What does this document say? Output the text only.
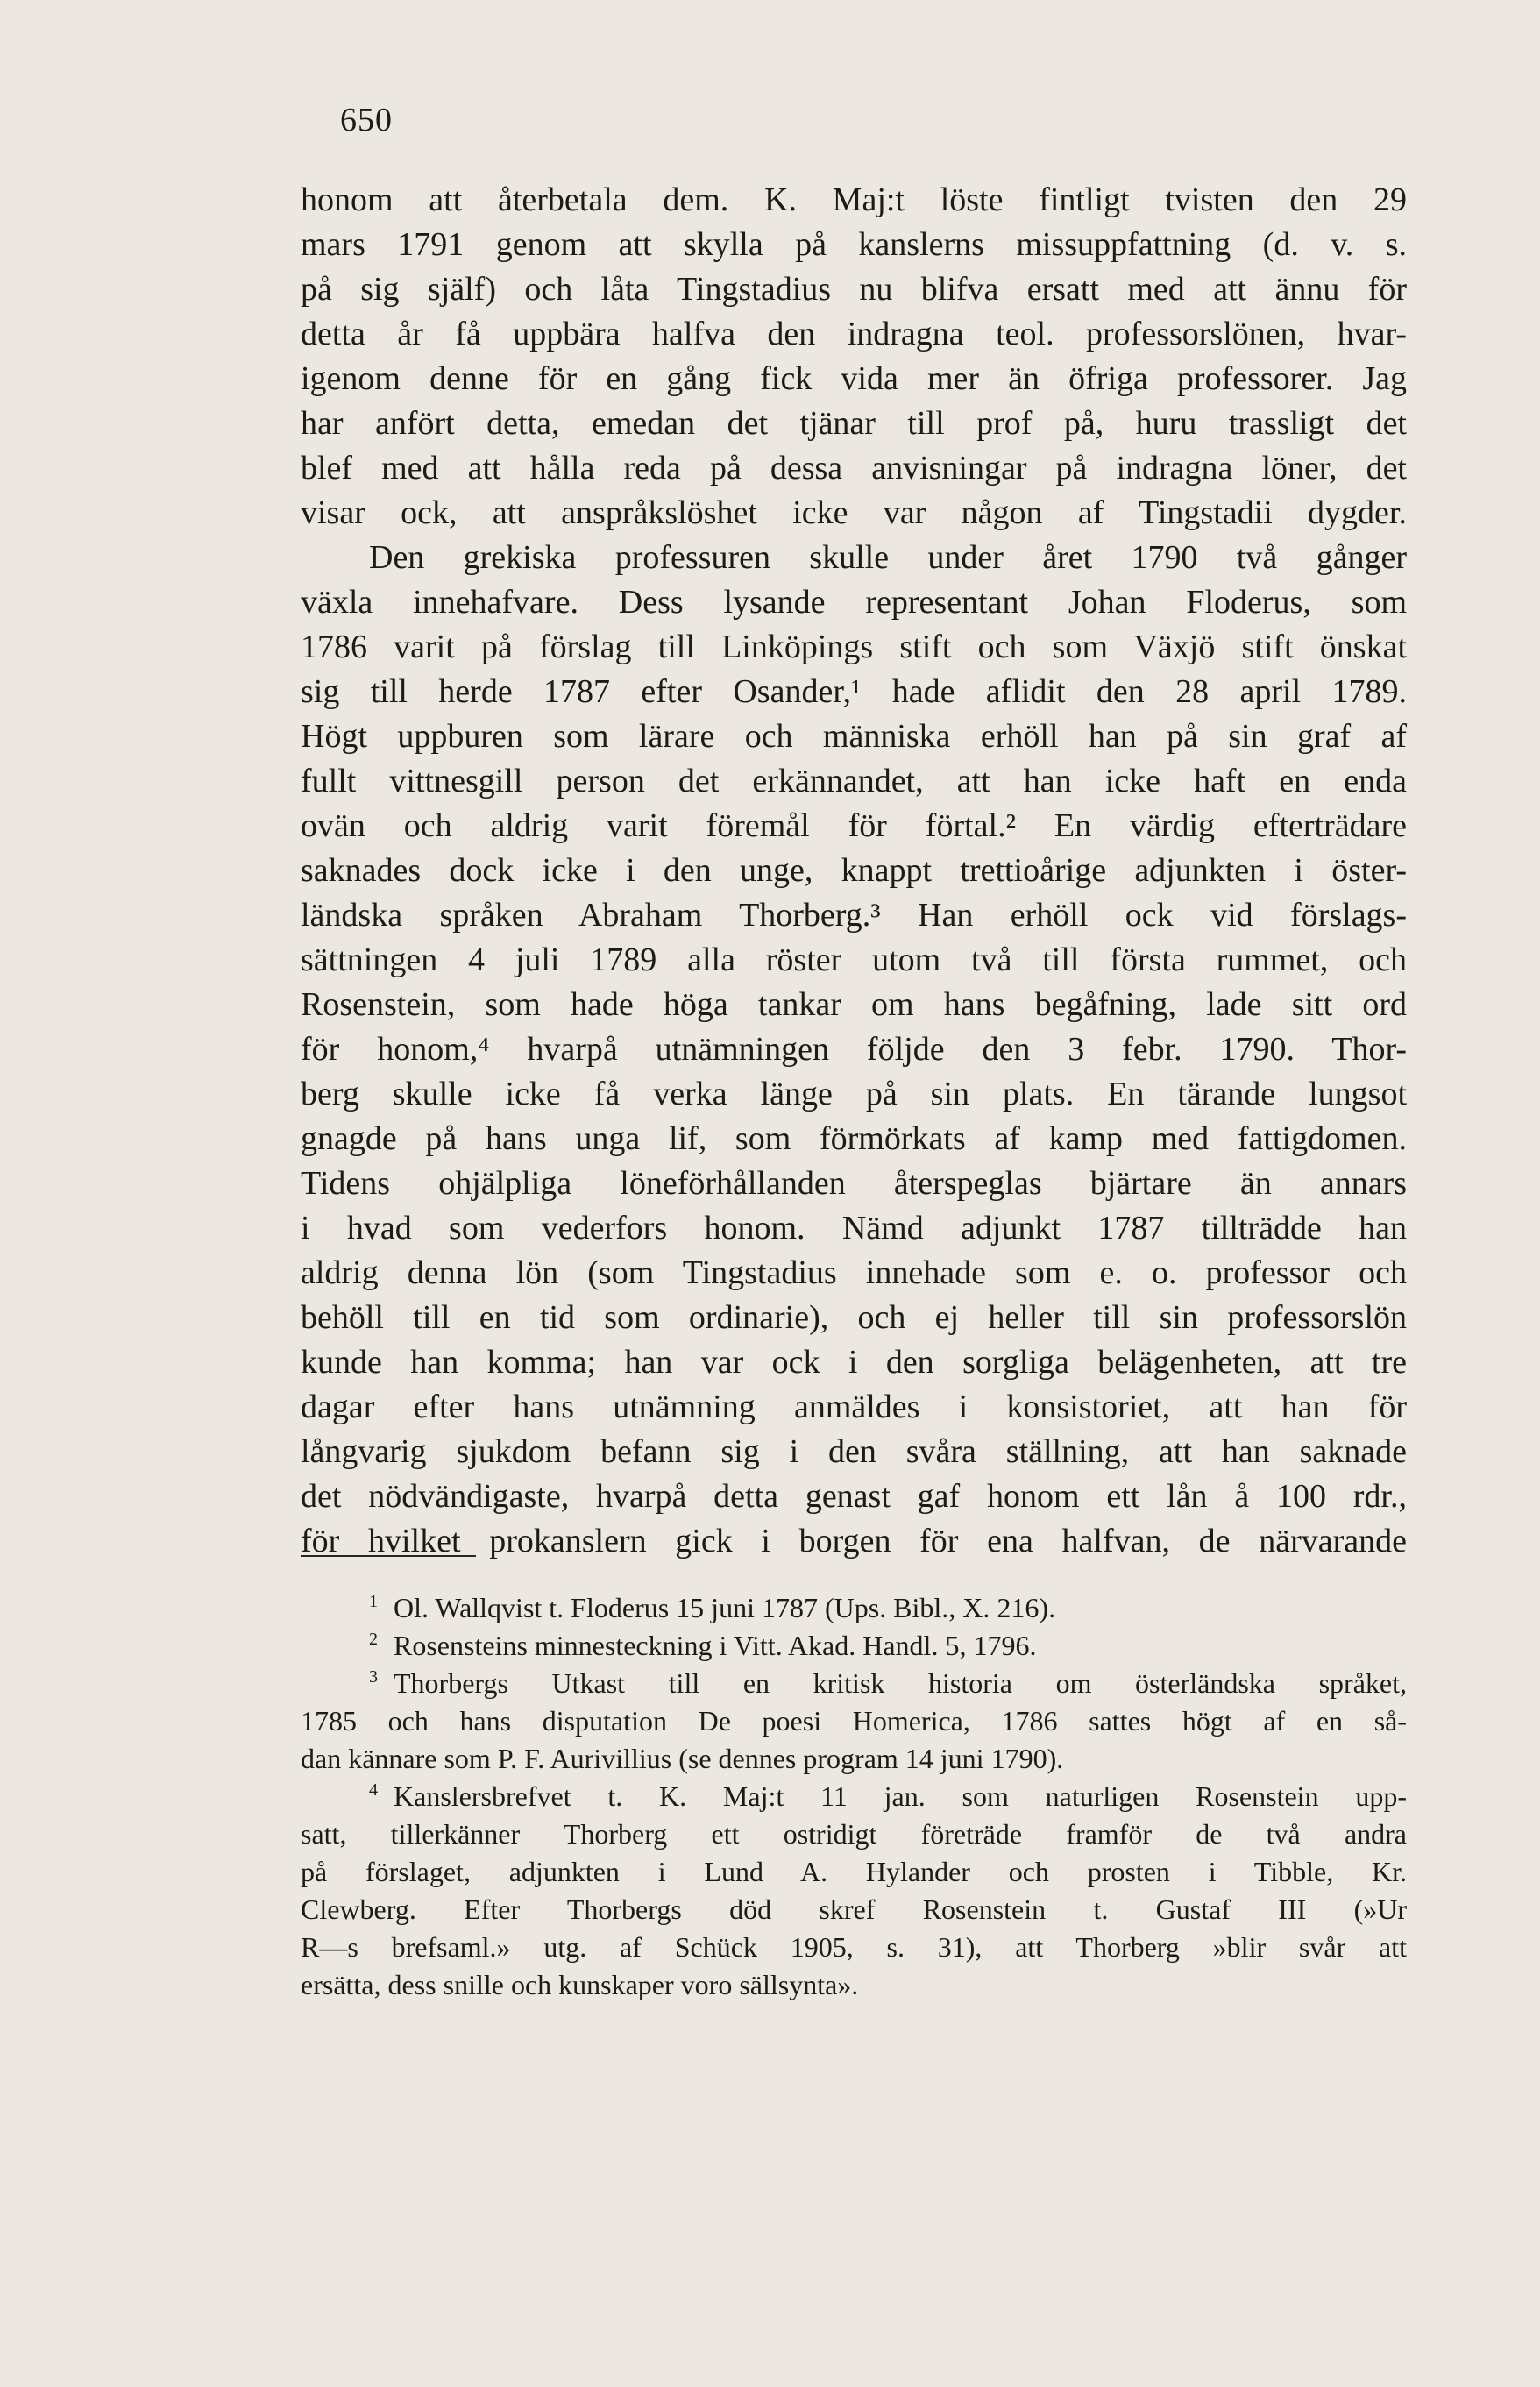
650
honom att återbetala dem. K. Maj:t löste fintligt tvisten den 29
mars 1791 genom att skylla på kanslerns missuppfattning (d. v. s.
på sig själf) och låta Tingstadius nu blifva ersatt med att ännu för
detta år få uppbära halfva den indragna teol. professorslönen, hvar-
igenom denne för en gång fick vida mer än öfriga professorer. Jag
har anfört detta, emedan det tjänar till prof på, huru trassligt det
blef med att hålla reda på dessa anvisningar på indragna löner, det
visar ock, att anspråkslöshet icke var någon af Tingstadii dygder.
Den grekiska professuren skulle under året 1790 två gånger
växla innehafvare. Dess lysande representant Johan Floderus, som
1786 varit på förslag till Linköpings stift och som Växjö stift önskat
sig till herde 1787 efter Osander,¹ hade aflidit den 28 april 1789.
Högt uppburen som lärare och människa erhöll han på sin graf af
fullt vittnesgill person det erkännandet, att han icke haft en enda
ovän och aldrig varit föremål för förtal.² En värdig efterträdare
saknades dock icke i den unge, knappt trettioårige adjunkten i öster-
ländska språken Abraham Thorberg.³ Han erhöll ock vid förslags-
sättningen 4 juli 1789 alla röster utom två till första rummet, och
Rosenstein, som hade höga tankar om hans begåfning, lade sitt ord
för honom,⁴ hvarpå utnämningen följde den 3 febr. 1790. Thor-
berg skulle icke få verka länge på sin plats. En tärande lungsot
gnagde på hans unga lif, som förmörkats af kamp med fattigdomen.
Tidens ohjälpliga löneförhållanden återspeglas bjärtare än annars
i hvad som vederfors honom. Nämd adjunkt 1787 tillträdde han
aldrig denna lön (som Tingstadius innehade som e. o. professor och
behöll till en tid som ordinarie), och ej heller till sin professorslön
kunde han komma; han var ock i den sorgliga belägenheten, att tre
dagar efter hans utnämning anmäldes i konsistoriet, att han för
långvarig sjukdom befann sig i den svåra ställning, att han saknade
det nödvändigaste, hvarpå detta genast gaf honom ett lån å 100 rdr.,
för hvilket prokanslern gick i borgen för ena halfvan, de närvarande
$^1$ Ol. Wallqvist t. Floderus 15 juni 1787 (Ups. Bibl., X. 216).
$^2$ Rosensteins minnesteckning i Vitt. Akad. Handl. 5, 1796.
$^3$ Thorbergs Utkast till en kritisk historia om österländska språket,
1785 och hans disputation De poesi Homerica, 1786 sattes högt af en så-
dan kännare som P. F. Aurivillius (se dennes program 14 juni 1790).
$^4$ Kanslersbrefvet t. K. Maj:t 11 jan. som naturligen Rosenstein upp-
satt, tillerkänner Thorberg ett ostridigt företräde framför de två andra
på förslaget, adjunkten i Lund A. Hylander och prosten i Tibble, Kr.
Clewberg. Efter Thorbergs död skref Rosenstein t. Gustaf III (»Ur
R—s brefsaml.» utg. af Schück 1905, s. 31), att Thorberg »blir svår att
ersätta, dess snille och kunskaper voro sällsynta».
